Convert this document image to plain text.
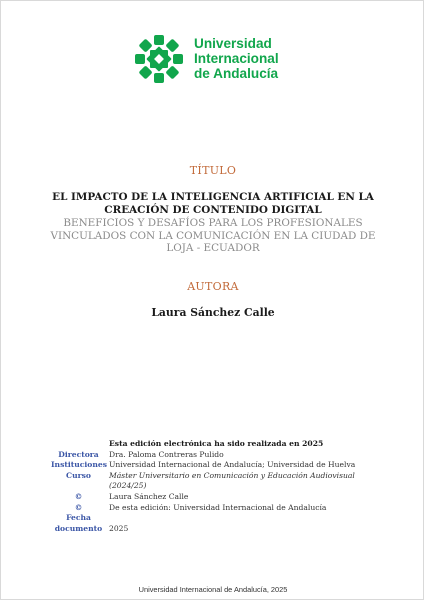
Universidad
Internacional
de Andalucía
TÍTULO
EL IMPACTO DE LA INTELIGENCIA ARTIFICIAL EN LA CREACIÓN DE CONTENIDO DIGITAL
BENEFICIOS Y DESAFÍOS PARA LOS PROFESIONALES VINCULADOS CON LA COMUNICACIÓN EN LA CIUDAD DE LOJA - ECUADOR
AUTORA
Laura Sánchez Calle
Esta edición electrónica ha sido realizada en 2025
Directora
Instituciones
Curso
©
©
Fecha
documento
Dra. Paloma Contreras Pulido
Universidad Internacional de Andalucía; Universidad de Huelva
Máster Universitario en Comunicación y Educación Audiovisual
(2024/25)
Laura Sánchez Calle
De esta edición: Universidad Internacional de Andalucía
2025
Universidad Internacional de Andalucía, 2025
